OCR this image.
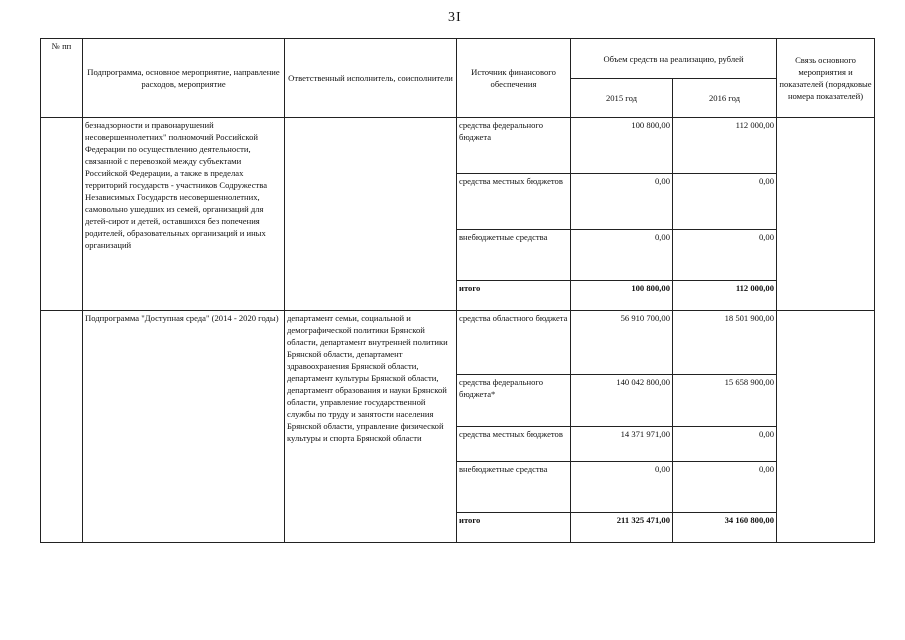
3I
№ пп	Подпрограмма, основное мероприятие, направление расходов, мероприятие	Ответственный исполнитель, соисполнители	Источник финансового обеспечения	Объем средств на реализацию, рублей		Связь основного мероприятия и показателей (порядковые номера показателей)
				2015 год	2016 год	
	безнадзорности и правонарушений несовершеннолетних" полномочий Российской Федерации по осуществлению деятельности, связанной с перевозкой между субъектами Российской Федерации, а также в пределах территорий государств - участников Содружества Независимых Государств несовершеннолетних, самовольно ушедших из семей, организаций для детей-сирот и детей, оставшихся без попечения родителей, образовательных организаций и иных организаций		средства федерального бюджета	100 800,00	112 000,00	
			средства местных бюджетов	0,00	0,00	
			внебюджетные средства	0,00	0,00	
			итого	100 800,00	112 000,00	
	Подпрограмма "Доступная среда" (2014 - 2020 годы)	департамент семьи, социальной и демографической политики Брянской области, департамент внутренней политики Брянской области, департамент здравоохранения Брянской области, департамент культуры Брянской области, департамент образования и науки Брянской области, управление государственной службы по труду и занятости населения Брянской области, управление физической культуры и спорта Брянской области	средства областного бюджета	56 910 700,00	18 501 900,00	
			средства федерального бюджета*	140 042 800,00	15 658 900,00	
			средства местных бюджетов	14 371 971,00	0,00	
			внебюджетные средства	0,00	0,00	
			итого	211 325 471,00	34 160 800,00	
